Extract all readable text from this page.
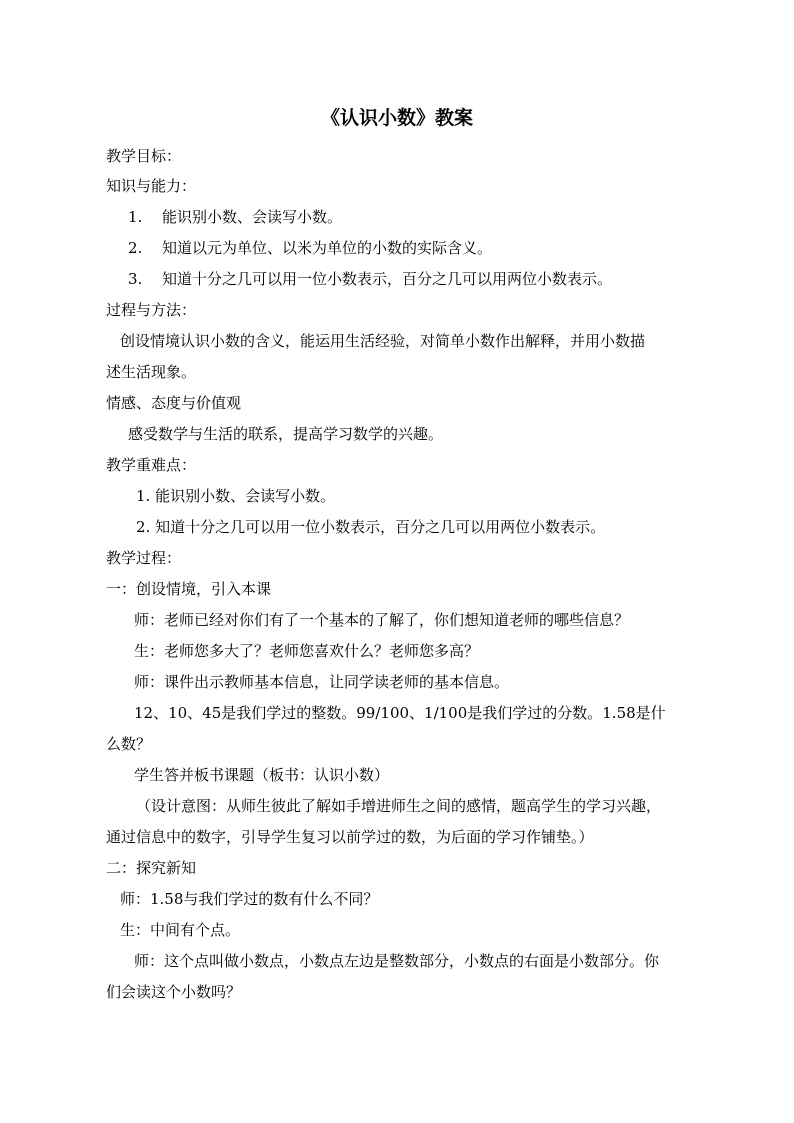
《认识小数》教案
教学目标：
知识与能力：
1. 能识别小数、会读写小数。
2. 知道以元为单位、以米为单位的小数的实际含义。
3. 知道十分之几可以用一位小数表示，百分之几可以用两位小数表示。
过程与方法：
创设情境认识小数的含义，能运用生活经验，对简单小数作出解释，并用小数描
述生活现象。
情感、态度与价值观
感受数学与生活的联系，提高学习数学的兴趣。
教学重难点：
1. 能识别小数、会读写小数。
2. 知道十分之几可以用一位小数表示，百分之几可以用两位小数表示。
教学过程：
一：创设情境，引入本课
师：老师已经对你们有了一个基本的了解了，你们想知道老师的哪些信息？
生：老师您多大了？老师您喜欢什么？老师您多高？
师：课件出示教师基本信息，让同学读老师的基本信息。
12、10、45是我们学过的整数。99/100、1/100是我们学过的分数。1.58是什
么数？
学生答并板书课题（板书：认识小数）
（设计意图：从师生彼此了解如手增进师生之间的感情，题高学生的学习兴趣，
通过信息中的数字，引导学生复习以前学过的数，为后面的学习作铺垫。）
二：探究新知
师：1.58与我们学过的数有什么不同？
生：中间有个点。
师：这个点叫做小数点，小数点左边是整数部分，小数点的右面是小数部分。你
们会读这个小数吗？
